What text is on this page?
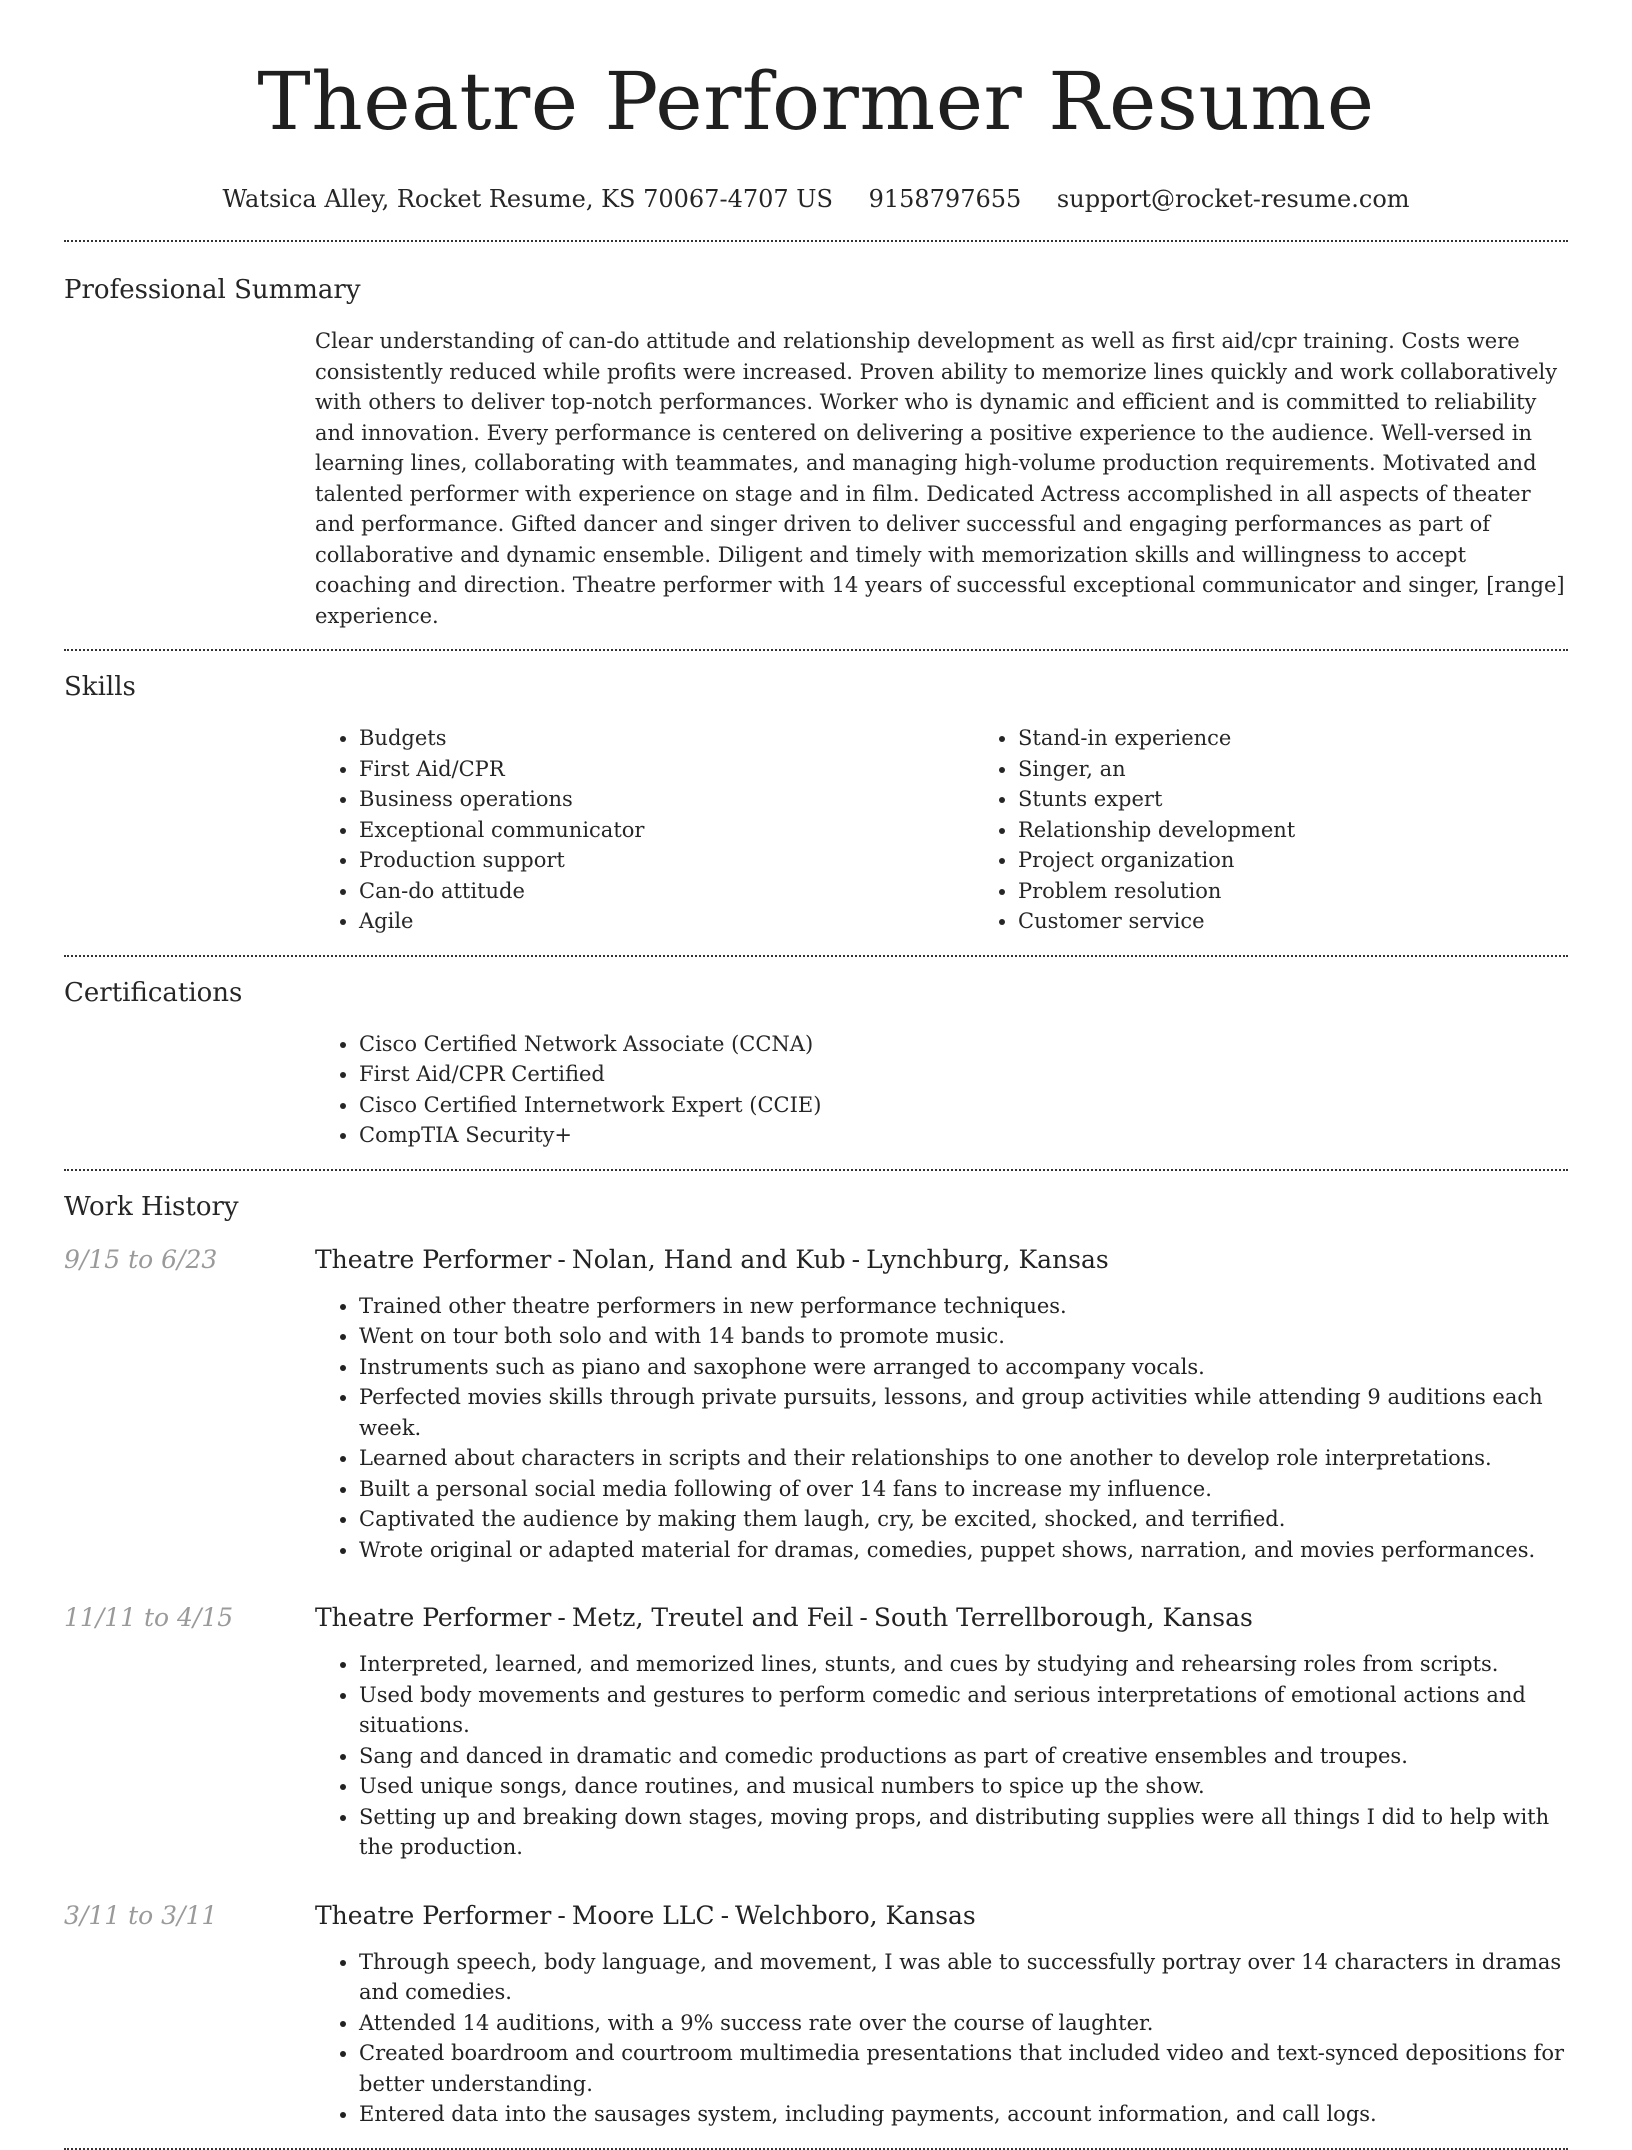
Theatre Performer Resume
Watsica Alley, Rocket Resume, KS 70067-4707 US 9158797655 support@rocket-resume.com
Professional Summary

Clear understanding of can-do attitude and relationship development as well as first aid/cpr training. Costs were consistently reduced while profits were increased. Proven ability to memorize lines quickly and work collaboratively with others to deliver top-notch performances. Worker who is dynamic and efficient and is committed to reliability and innovation. Every performance is centered on delivering a positive experience to the audience. Well-versed in learning lines, collaborating with teammates, and managing high-volume production requirements. Motivated and talented performer with experience on stage and in film. Dedicated Actress accomplished in all aspects of theater and performance. Gifted dancer and singer driven to deliver successful and engaging performances as part of collaborative and dynamic ensemble. Diligent and timely with memorization skills and willingness to accept coaching and direction. Theatre performer with 14 years of successful exceptional communicator and singer, [range] experience.

Skills
• Budgets
• First Aid/CPR
• Business operations
• Exceptional communicator
• Production support
• Can-do attitude
• Agile
• Stand-in experience
• Singer, an
• Stunts expert
• Relationship development
• Project organization
• Problem resolution
• Customer service
Certifications
• Cisco Certified Network Associate (CCNA)
• First Aid/CPR Certified
• Cisco Certified Internetwork Expert (CCIE)
• CompTIA Security+
Work History
9/15 to 6/23	Theatre Performer - Nolan, Hand and Kub - Lynchburg, Kansas
• Trained other theatre performers in new performance techniques.
• Went on tour both solo and with 14 bands to promote music.
• Instruments such as piano and saxophone were arranged to accompany vocals.
• Perfected movies skills through private pursuits, lessons, and group activities while attending 9 auditions each week.
• Learned about characters in scripts and their relationships to one another to develop role interpretations.
• Built a personal social media following of over 14 fans to increase my influence.
• Captivated the audience by making them laugh, cry, be excited, shocked, and terrified.
• Wrote original or adapted material for dramas, comedies, puppet shows, narration, and movies performances.
11/11 to 4/15	Theatre Performer - Metz, Treutel and Feil - South Terrellborough, Kansas
• Interpreted, learned, and memorized lines, stunts, and cues by studying and rehearsing roles from scripts.
• Used body movements and gestures to perform comedic and serious interpretations of emotional actions and situations.
• Sang and danced in dramatic and comedic productions as part of creative ensembles and troupes.
• Used unique songs, dance routines, and musical numbers to spice up the show.
• Setting up and breaking down stages, moving props, and distributing supplies were all things I did to help with the production.
3/11 to 3/11	Theatre Performer - Moore LLC - Welchboro, Kansas
• Through speech, body language, and movement, I was able to successfully portray over 14 characters in dramas and comedies.
• Attended 14 auditions, with a 9% success rate over the course of laughter.
• Created boardroom and courtroom multimedia presentations that included video and text-synced depositions for better understanding.
• Entered data into the sausages system, including payments, account information, and call logs.
